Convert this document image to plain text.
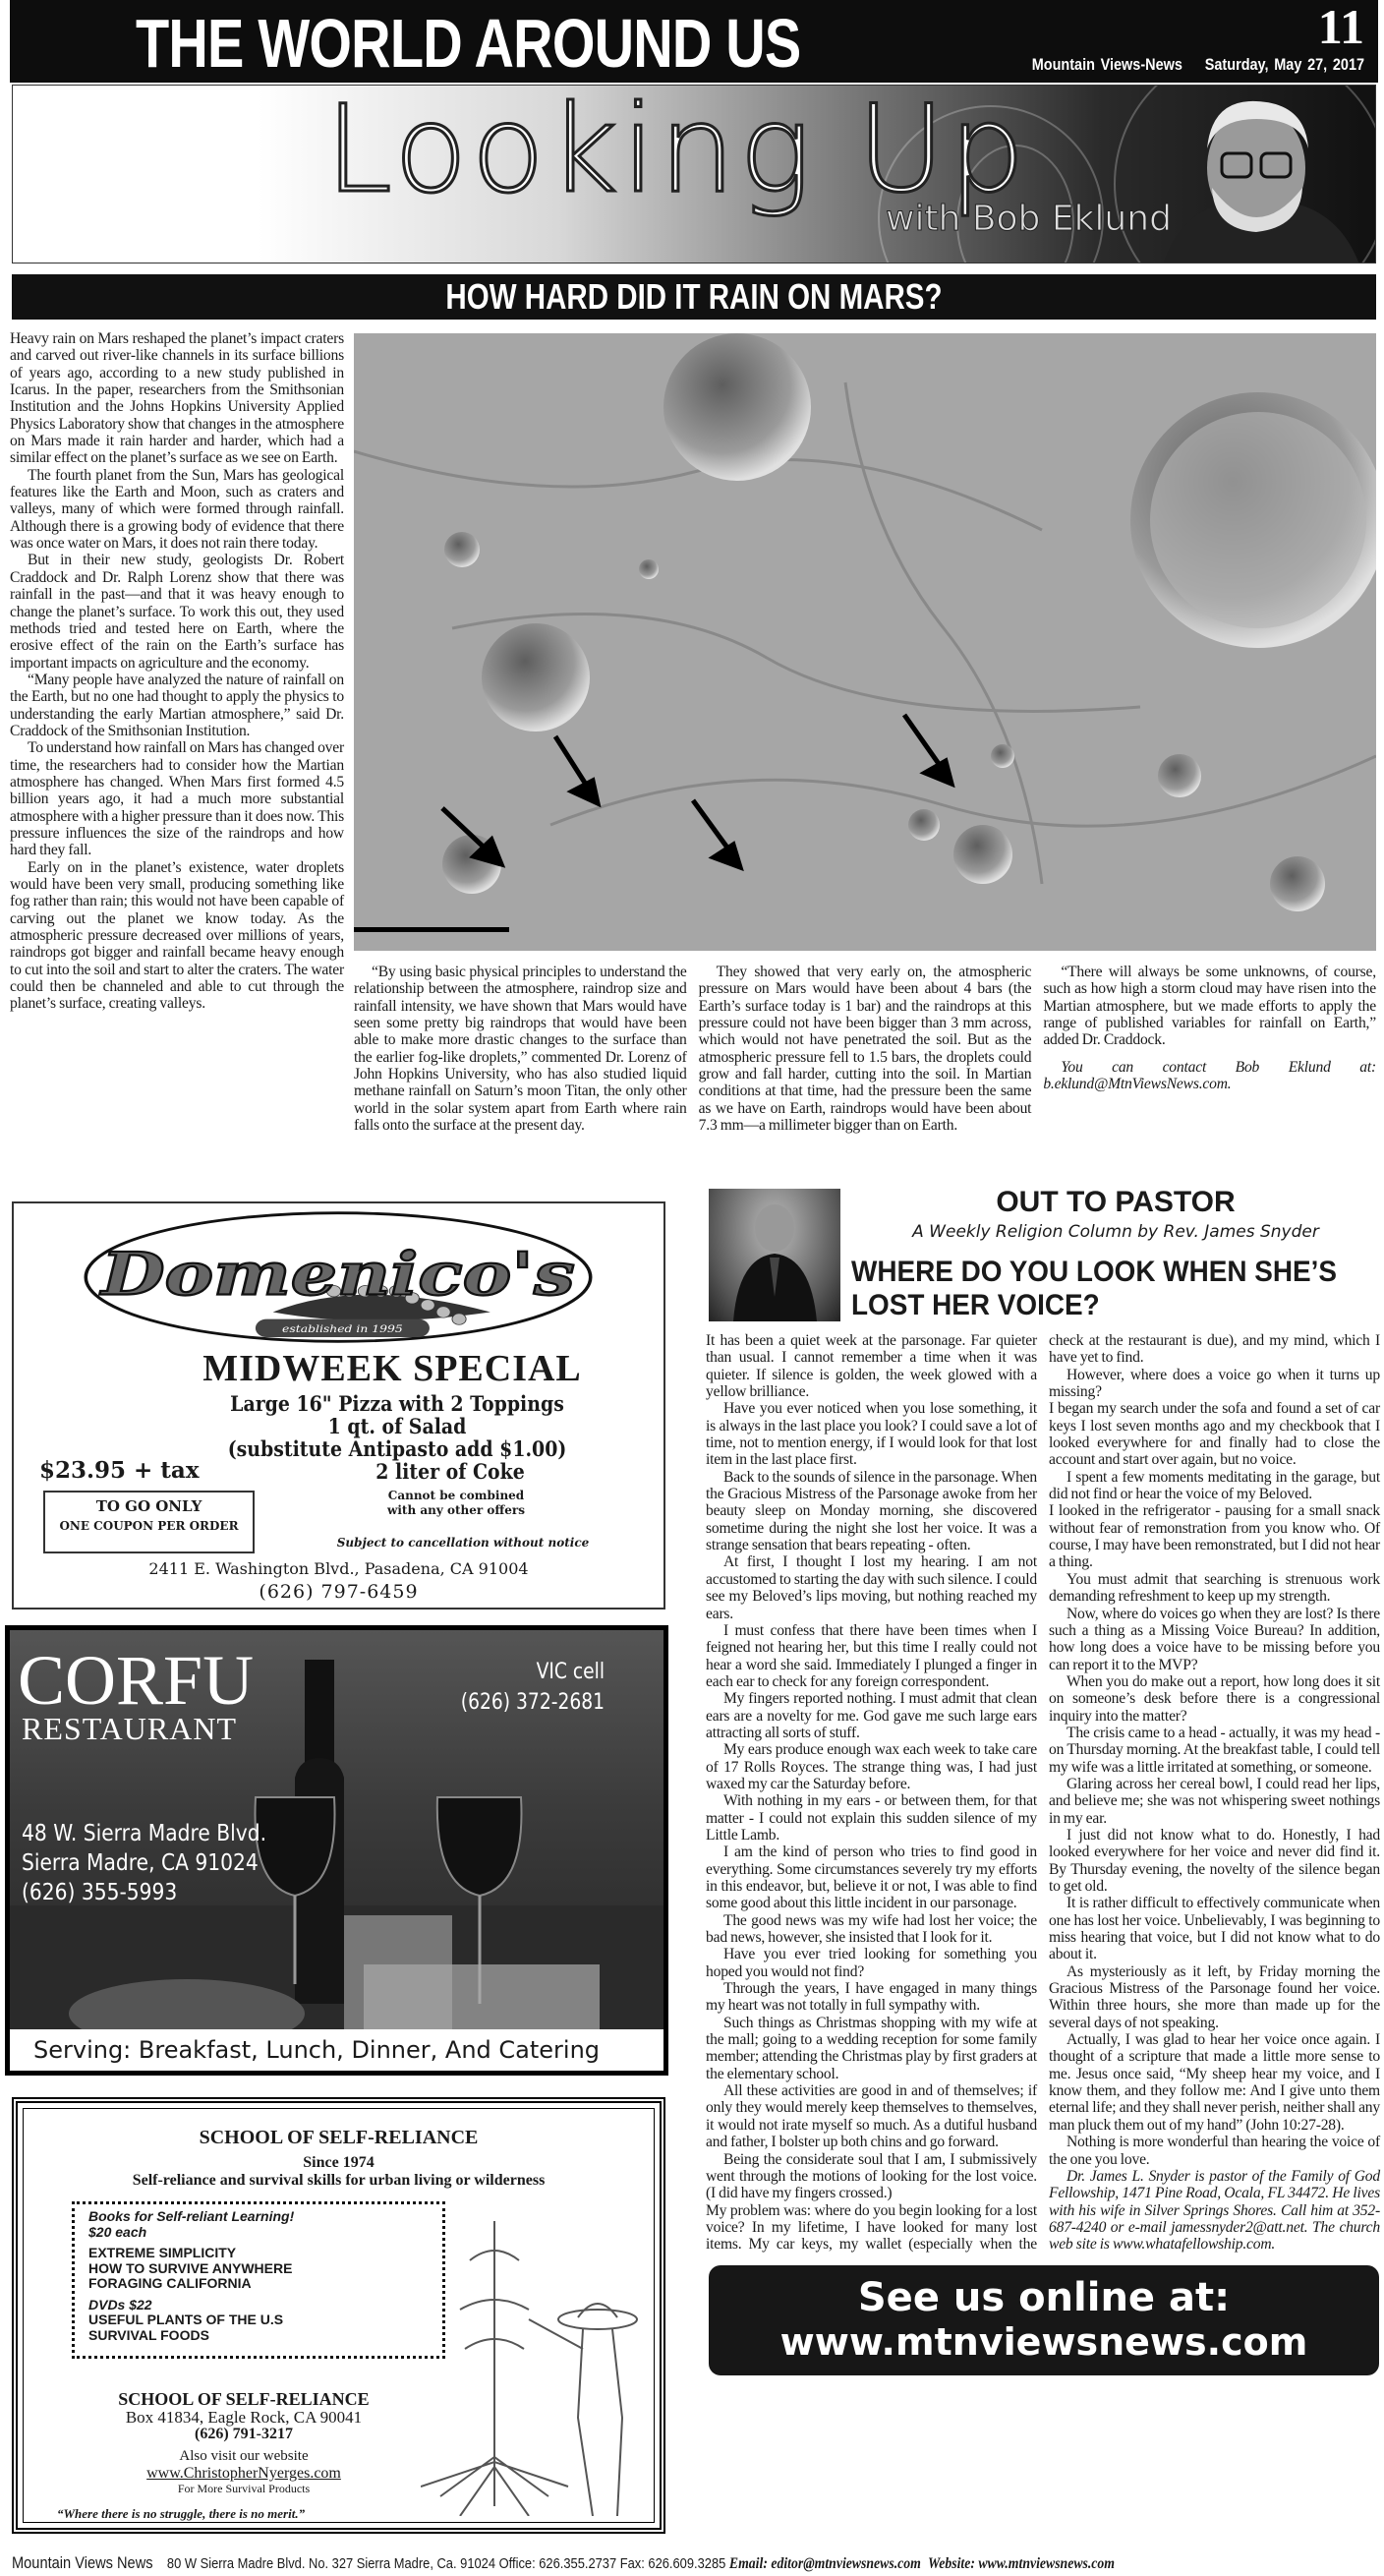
THE WORLD AROUND US	11
Mountain Views-News Saturday, May 27, 2017
Looking Up
with Bob Eklund
HOW HARD DID IT RAIN ON MARS?

Heavy rain on Mars reshaped the planet’s impact craters and carved out river-like channels in its surface billions of years ago, according to a new study published in Icarus. In the paper, researchers from the Smithsonian Institution and the Johns Hopkins University Applied Physics Laboratory show that changes in the atmosphere on Mars made it rain harder and harder, which had a similar effect on the planet’s surface as we see on Earth.

The fourth planet from the Sun, Mars has geological features like the Earth and Moon, such as craters and valleys, many of which were formed through rainfall. Although there is a growing body of evidence that there was once water on Mars, it does not rain there today.

But in their new study, geologists Dr. Robert Craddock and Dr. Ralph Lorenz show that there was rainfall in the past—and that it was heavy enough to change the planet’s surface. To work this out, they used methods tried and tested here on Earth, where the erosive effect of the rain on the Earth’s surface has important impacts on agriculture and the economy.

“Many people have analyzed the nature of rainfall on the Earth, but no one had thought to apply the physics to understanding the early Martian atmosphere,” said Dr. Craddock of the Smithsonian Institution.

To understand how rainfall on Mars has changed over time, the researchers had to consider how the Martian atmosphere has changed. When Mars first formed 4.5 billion years ago, it had a much more substantial atmosphere with a higher pressure than it does now. This pressure influences the size of the raindrops and how hard they fall.

Early on in the planet’s existence, water droplets would have been very small, producing something like fog rather than rain; this would not have been capable of carving out the planet we know today. As the atmospheric pressure decreased over millions of years, raindrops got bigger and rainfall became heavy enough to cut into the soil and start to alter the craters. The water could then be channeled and able to cut through the planet’s surface, creating valleys.

“By using basic physical principles to understand the relationship between the atmosphere, raindrop size and rainfall intensity, we have shown that Mars would have seen some pretty big raindrops that would have been able to make more drastic changes to the surface than the earlier fog-like droplets,” commented Dr. Lorenz of John Hopkins University, who has also studied liquid methane rainfall on Saturn’s moon Titan, the only other world in the solar system apart from Earth where rain falls onto the surface at the present day.

They showed that very early on, the atmospheric pressure on Mars would have been about 4 bars (the Earth’s surface today is 1 bar) and the raindrops at this pressure could not have been bigger than 3 mm across, which would not have penetrated the soil. But as the atmospheric pressure fell to 1.5 bars, the droplets could grow and fall harder, cutting into the soil. In Martian conditions at that time, had the pressure been the same as we have on Earth, raindrops would have been about 7.3 mm—a millimeter bigger than on Earth.

“There will always be some unknowns, of course, such as how high a storm cloud may have risen into the Martian atmosphere, but we made efforts to apply the range of published variables for rainfall on Earth,” added Dr. Craddock.

You can contact Bob Eklund at: b.eklund@MtnViewsNews.com.

Domenico's
established in 1995
MIDWEEK SPECIAL
Large 16" Pizza with 2 Toppings
1 qt. of Salad
(substitute Antipasto add $1.00)
2 liter of Coke
$23.95 + tax
TO GO ONLY
ONE COUPON PER ORDER
Cannot be combined with any other offers
Subject to cancellation without notice
2411 E. Washington Blvd., Pasadena, CA 91004
(626) 797-6459
CORFU
RESTAURANT
VIC cell
(626) 372-2681
48 W. Sierra Madre Blvd.
Sierra Madre, CA 91024
(626) 355-5993
Serving: Breakfast, Lunch, Dinner, And Catering
SCHOOL OF SELF-RELIANCE
Since 1974
Self-reliance and survival skills for urban living or wilderness
Books for Self-reliant Learning!
$20 each
EXTREME SIMPLICITY
HOW TO SURVIVE ANYWHERE
FORAGING CALIFORNIA
DVDs $22
USEFUL PLANTS OF THE U.S
SURVIVAL FOODS
SCHOOL OF SELF-RELIANCE
Box 41834, Eagle Rock, CA 90041
(626) 791-3217
Also visit our website
www.ChristopherNyerges.com
For More Survival Products
“Where there is no struggle, there is no merit.”
OUT TO PASTOR
A Weekly Religion Column by Rev. James Snyder
WHERE DO YOU LOOK WHEN SHE’S LOST HER VOICE?

It has been a quiet week at the parsonage. Far quieter than usual. I cannot remember a time when it was quieter. If silence is golden, the week glowed with a yellow brilliance.

Have you ever noticed when you lose something, it is always in the last place you look? I could save a lot of time, not to mention energy, if I would look for that lost item in the last place first.

Back to the sounds of silence in the parsonage. When the Gracious Mistress of the Parsonage awoke from her beauty sleep on Monday morning, she discovered sometime during the night she lost her voice. It was a strange sensation that bears repeating - often.

At first, I thought I lost my hearing. I am not accustomed to starting the day with such silence. I could see my Beloved’s lips moving, but nothing reached my ears.

I must confess that there have been times when I feigned not hearing her, but this time I really could not hear a word she said. Immediately I plunged a finger in each ear to check for any foreign correspondent.

My fingers reported nothing. I must admit that clean ears are a novelty for me. God gave me such large ears attracting all sorts of stuff.

My ears produce enough wax each week to take care of 17 Rolls Royces. The strange thing was, I had just waxed my car the Saturday before.

With nothing in my ears - or between them, for that matter - I could not explain this sudden silence of my Little Lamb.

I am the kind of person who tries to find good in everything. Some circumstances severely try my efforts in this endeavor, but, believe it or not, I was able to find some good about this little incident in our parsonage.

The good news was my wife had lost her voice; the bad news, however, she insisted that I look for it.

Have you ever tried looking for something you hoped you would not find?

Through the years, I have engaged in many things my heart was not totally in full sympathy with.

Such things as Christmas shopping with my wife at the mall; going to a wedding reception for some family member; attending the Christmas play by first graders at the elementary school.

All these activities are good in and of themselves; if only they would merely keep themselves to themselves, it would not irate myself so much. As a dutiful husband and father, I bolster up both chins and go forward.

Being the considerate soul that I am, I submissively went through the motions of looking for the lost voice. (I did have my fingers crossed.)

My problem was: where do you begin looking for a lost voice? In my lifetime, I have looked for many lost items. My car keys, my wallet (especially when the check at the restaurant is due), and my mind, which I have yet to find.

However, where does a voice go when it turns up missing?

I began my search under the sofa and found a set of car keys I lost seven months ago and my checkbook that I looked everywhere for and finally had to close the account and start over again, but no voice.

I spent a few moments meditating in the garage, but did not find or hear the voice of my Beloved.

I looked in the refrigerator - pausing for a small snack without fear of remonstration from you know who. Of course, I may have been remonstrated, but I did not hear a thing.

You must admit that searching is strenuous work demanding refreshment to keep up my strength.

Now, where do voices go when they are lost? Is there such a thing as a Missing Voice Bureau? In addition, how long does a voice have to be missing before you can report it to the MVP?

When you do make out a report, how long does it sit on someone’s desk before there is a congressional inquiry into the matter?

The crisis came to a head - actually, it was my head - on Thursday morning. At the breakfast table, I could tell my wife was a little irritated at something, or someone.

Glaring across her cereal bowl, I could read her lips, and believe me; she was not whispering sweet nothings in my ear.

I just did not know what to do. Honestly, I had looked everywhere for her voice and never did find it. By Thursday evening, the novelty of the silence began to get old.

It is rather difficult to effectively communicate when one has lost her voice. Unbelievably, I was beginning to miss hearing that voice, but I did not know what to do about it.

As mysteriously as it left, by Friday morning the Gracious Mistress of the Parsonage found her voice. Within three hours, she more than made up for the several days of not speaking.

Actually, I was glad to hear her voice once again. I thought of a scripture that made a little more sense to me. Jesus once said, “My sheep hear my voice, and I know them, and they follow me: And I give unto them eternal life; and they shall never perish, neither shall any man pluck them out of my hand” (John 10:27-28).

Nothing is more wonderful than hearing the voice of the one you love.

Dr. James L. Snyder is pastor of the Family of God Fellowship, 1471 Pine Road, Ocala, FL 34472. He lives with his wife in Silver Springs Shores. Call him at 352-687-4240 or e-mail jamessnyder2@att.net. The church web site is www.whatafellowship.com.

See us online at:
www.mtnviewsnews.com
Mountain Views News 80 W Sierra Madre Blvd. No. 327 Sierra Madre, Ca. 91024 Office: 626.355.2737 Fax: 626.609.3285 Email: editor@mtnviewsnews.com Website: www.mtnviewsnews.com
